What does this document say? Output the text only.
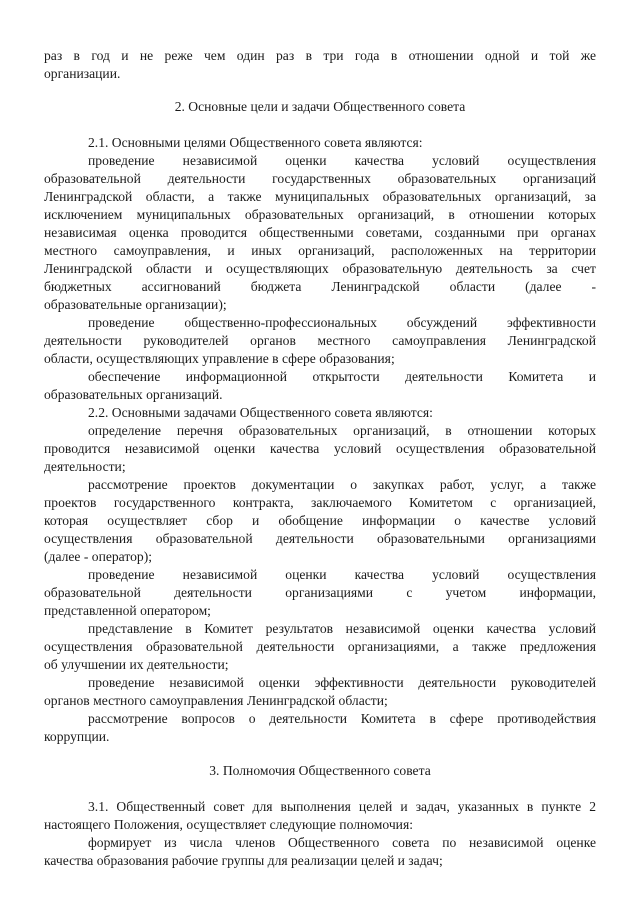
раз в год и не реже чем один раз в три года в отношении одной и той же
организации.
2. Основные цели и задачи Общественного совета
2.1. Основными целями Общественного совета являются:
проведение независимой оценки качества условий осуществления
образовательной деятельности государственных образовательных организаций
Ленинградской области, а также муниципальных образовательных организаций, за
исключением муниципальных образовательных организаций, в отношении которых
независимая оценка проводится общественными советами, созданными при органах
местного самоуправления, и иных организаций, расположенных на территории
Ленинградской области и осуществляющих образовательную деятельность за счет
бюджетных ассигнований бюджета Ленинградской области (далее -
образовательные организации);
проведение общественно-профессиональных обсуждений эффективности
деятельности руководителей органов местного самоуправления Ленинградской
области, осуществляющих управление в сфере образования;
обеспечение информационной открытости деятельности Комитета и
образовательных организаций.
2.2. Основными задачами Общественного совета являются:
определение перечня образовательных организаций, в отношении которых
проводится независимой оценки качества условий осуществления образовательной
деятельности;
рассмотрение проектов документации о закупках работ, услуг, а также
проектов государственного контракта, заключаемого Комитетом с организацией,
которая осуществляет сбор и обобщение информации о качестве условий
осуществления образовательной деятельности образовательными организациями
(далее - оператор);
проведение независимой оценки качества условий осуществления
образовательной деятельности организациями с учетом информации,
представленной оператором;
представление в Комитет результатов независимой оценки качества условий
осуществления образовательной деятельности организациями, а также предложения
об улучшении их деятельности;
проведение независимой оценки эффективности деятельности руководителей
органов местного самоуправления Ленинградской области;
рассмотрение вопросов о деятельности Комитета в сфере противодействия
коррупции.
3. Полномочия Общественного совета
3.1. Общественный совет для выполнения целей и задач, указанных в пункте 2
настоящего Положения, осуществляет следующие полномочия:
формирует из числа членов Общественного совета по независимой оценке
качества образования рабочие группы для реализации целей и задач;
